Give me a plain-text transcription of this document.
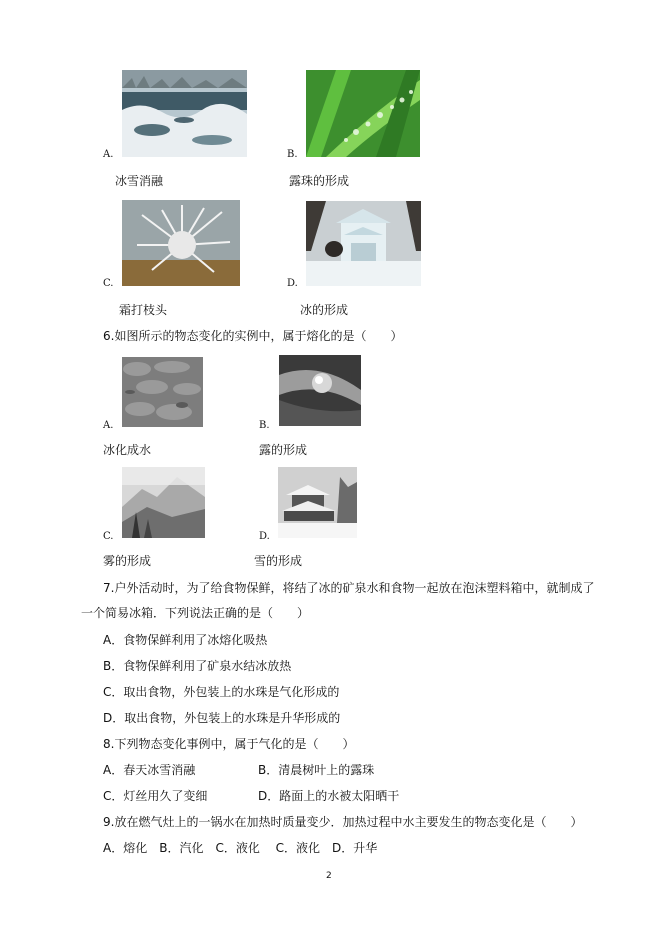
A.	B.
冰雪消融	露珠的形成
C.	D.
霜打枝头	冰的形成
6.如图所示的物态变化的实例中，属于熔化的是（　　）
A.	B.
冰化成水	露的形成
C.	D.
雾的形成	雪的形成
7.户外活动时，为了给食物保鲜，将结了冰的矿泉水和食物一起放在泡沫塑料箱中，就制成了
一个简易冰箱．下列说法正确的是（　　）
A．食物保鲜利用了冰熔化吸热
B．食物保鲜利用了矿泉水结冰放热
C．取出食物，外包装上的水珠是气化形成的
D．取出食物，外包装上的水珠是升华形成的
8.下列物态变化事例中，属于气化的是（　　）
A．春天冰雪消融	B．清晨树叶上的露珠
C．灯丝用久了变细	D．路面上的水被太阳晒干
9.放在燃气灶上的一锅水在加热时质量变少．加热过程中水主要发生的物态变化是（　　）
A．熔化　B．汽化　C．液化　 C．液化　D．升华
2
